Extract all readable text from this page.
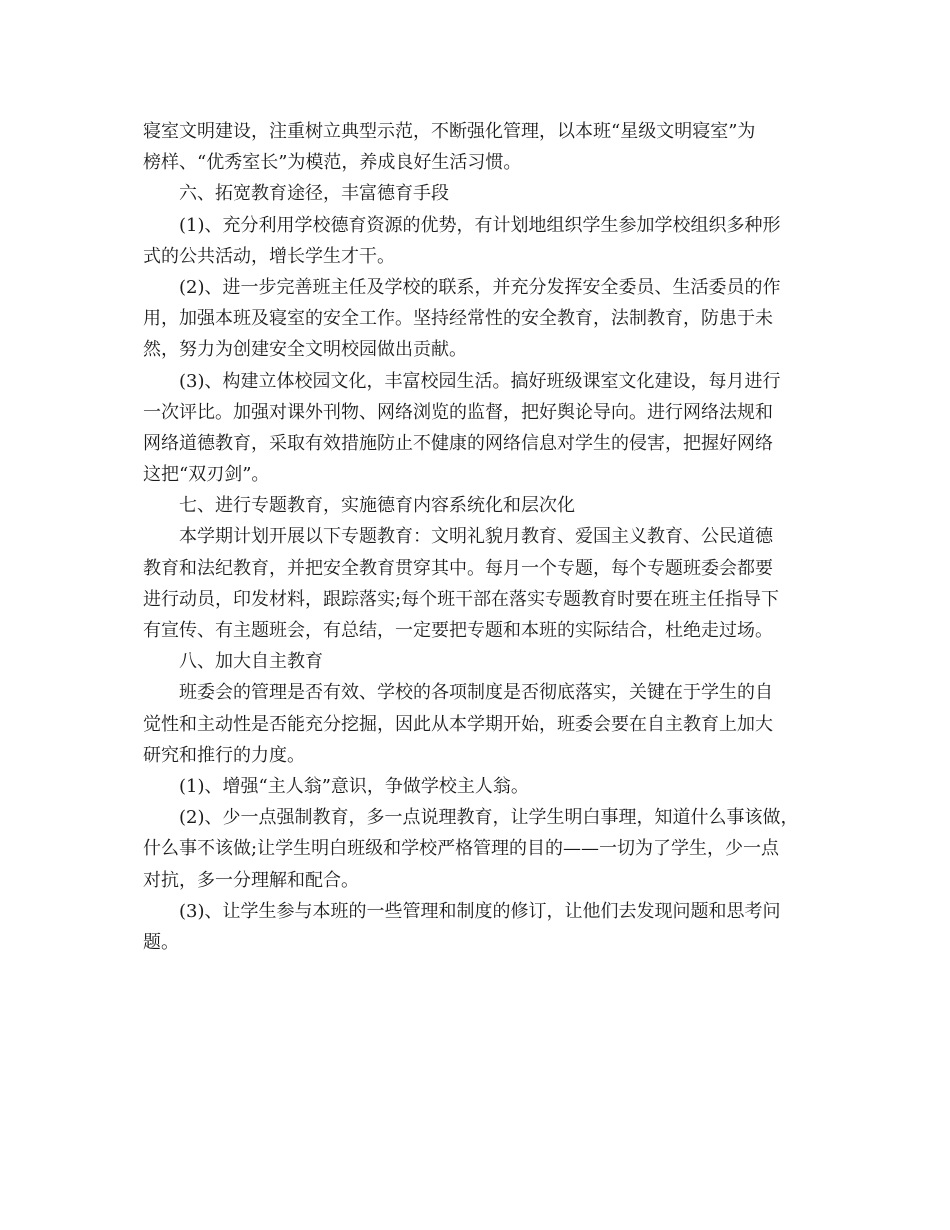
寝室文明建设，注重树立典型示范，不断强化管理，以本班“星级文明寝室”为
榜样、“优秀室长”为模范，养成良好生活习惯。
六、拓宽教育途径，丰富德育手段
(1)、充分利用学校德育资源的优势，有计划地组织学生参加学校组织多种形
式的公共活动，增长学生才干。
(2)、进一步完善班主任及学校的联系，并充分发挥安全委员、生活委员的作
用，加强本班及寝室的安全工作。坚持经常性的安全教育，法制教育，防患于未
然，努力为创建安全文明校园做出贡献。
(3)、构建立体校园文化，丰富校园生活。搞好班级课室文化建设，每月进行
一次评比。加强对课外刊物、网络浏览的监督，把好舆论导向。进行网络法规和
网络道德教育，采取有效措施防止不健康的网络信息对学生的侵害，把握好网络
这把“双刃剑”。
七、进行专题教育，实施德育内容系统化和层次化
本学期计划开展以下专题教育：文明礼貌月教育、爱国主义教育、公民道德
教育和法纪教育，并把安全教育贯穿其中。每月一个专题，每个专题班委会都要
进行动员，印发材料，跟踪落实;每个班干部在落实专题教育时要在班主任指导下
有宣传、有主题班会，有总结，一定要把专题和本班的实际结合，杜绝走过场。
八、加大自主教育
班委会的管理是否有效、学校的各项制度是否彻底落实，关键在于学生的自
觉性和主动性是否能充分挖掘，因此从本学期开始，班委会要在自主教育上加大
研究和推行的力度。
(1)、增强“主人翁”意识，争做学校主人翁。
(2)、少一点强制教育，多一点说理教育，让学生明白事理，知道什么事该做，
什么事不该做;让学生明白班级和学校严格管理的目的——一切为了学生，少一点
对抗，多一分理解和配合。
(3)、让学生参与本班的一些管理和制度的修订，让他们去发现问题和思考问
题。
